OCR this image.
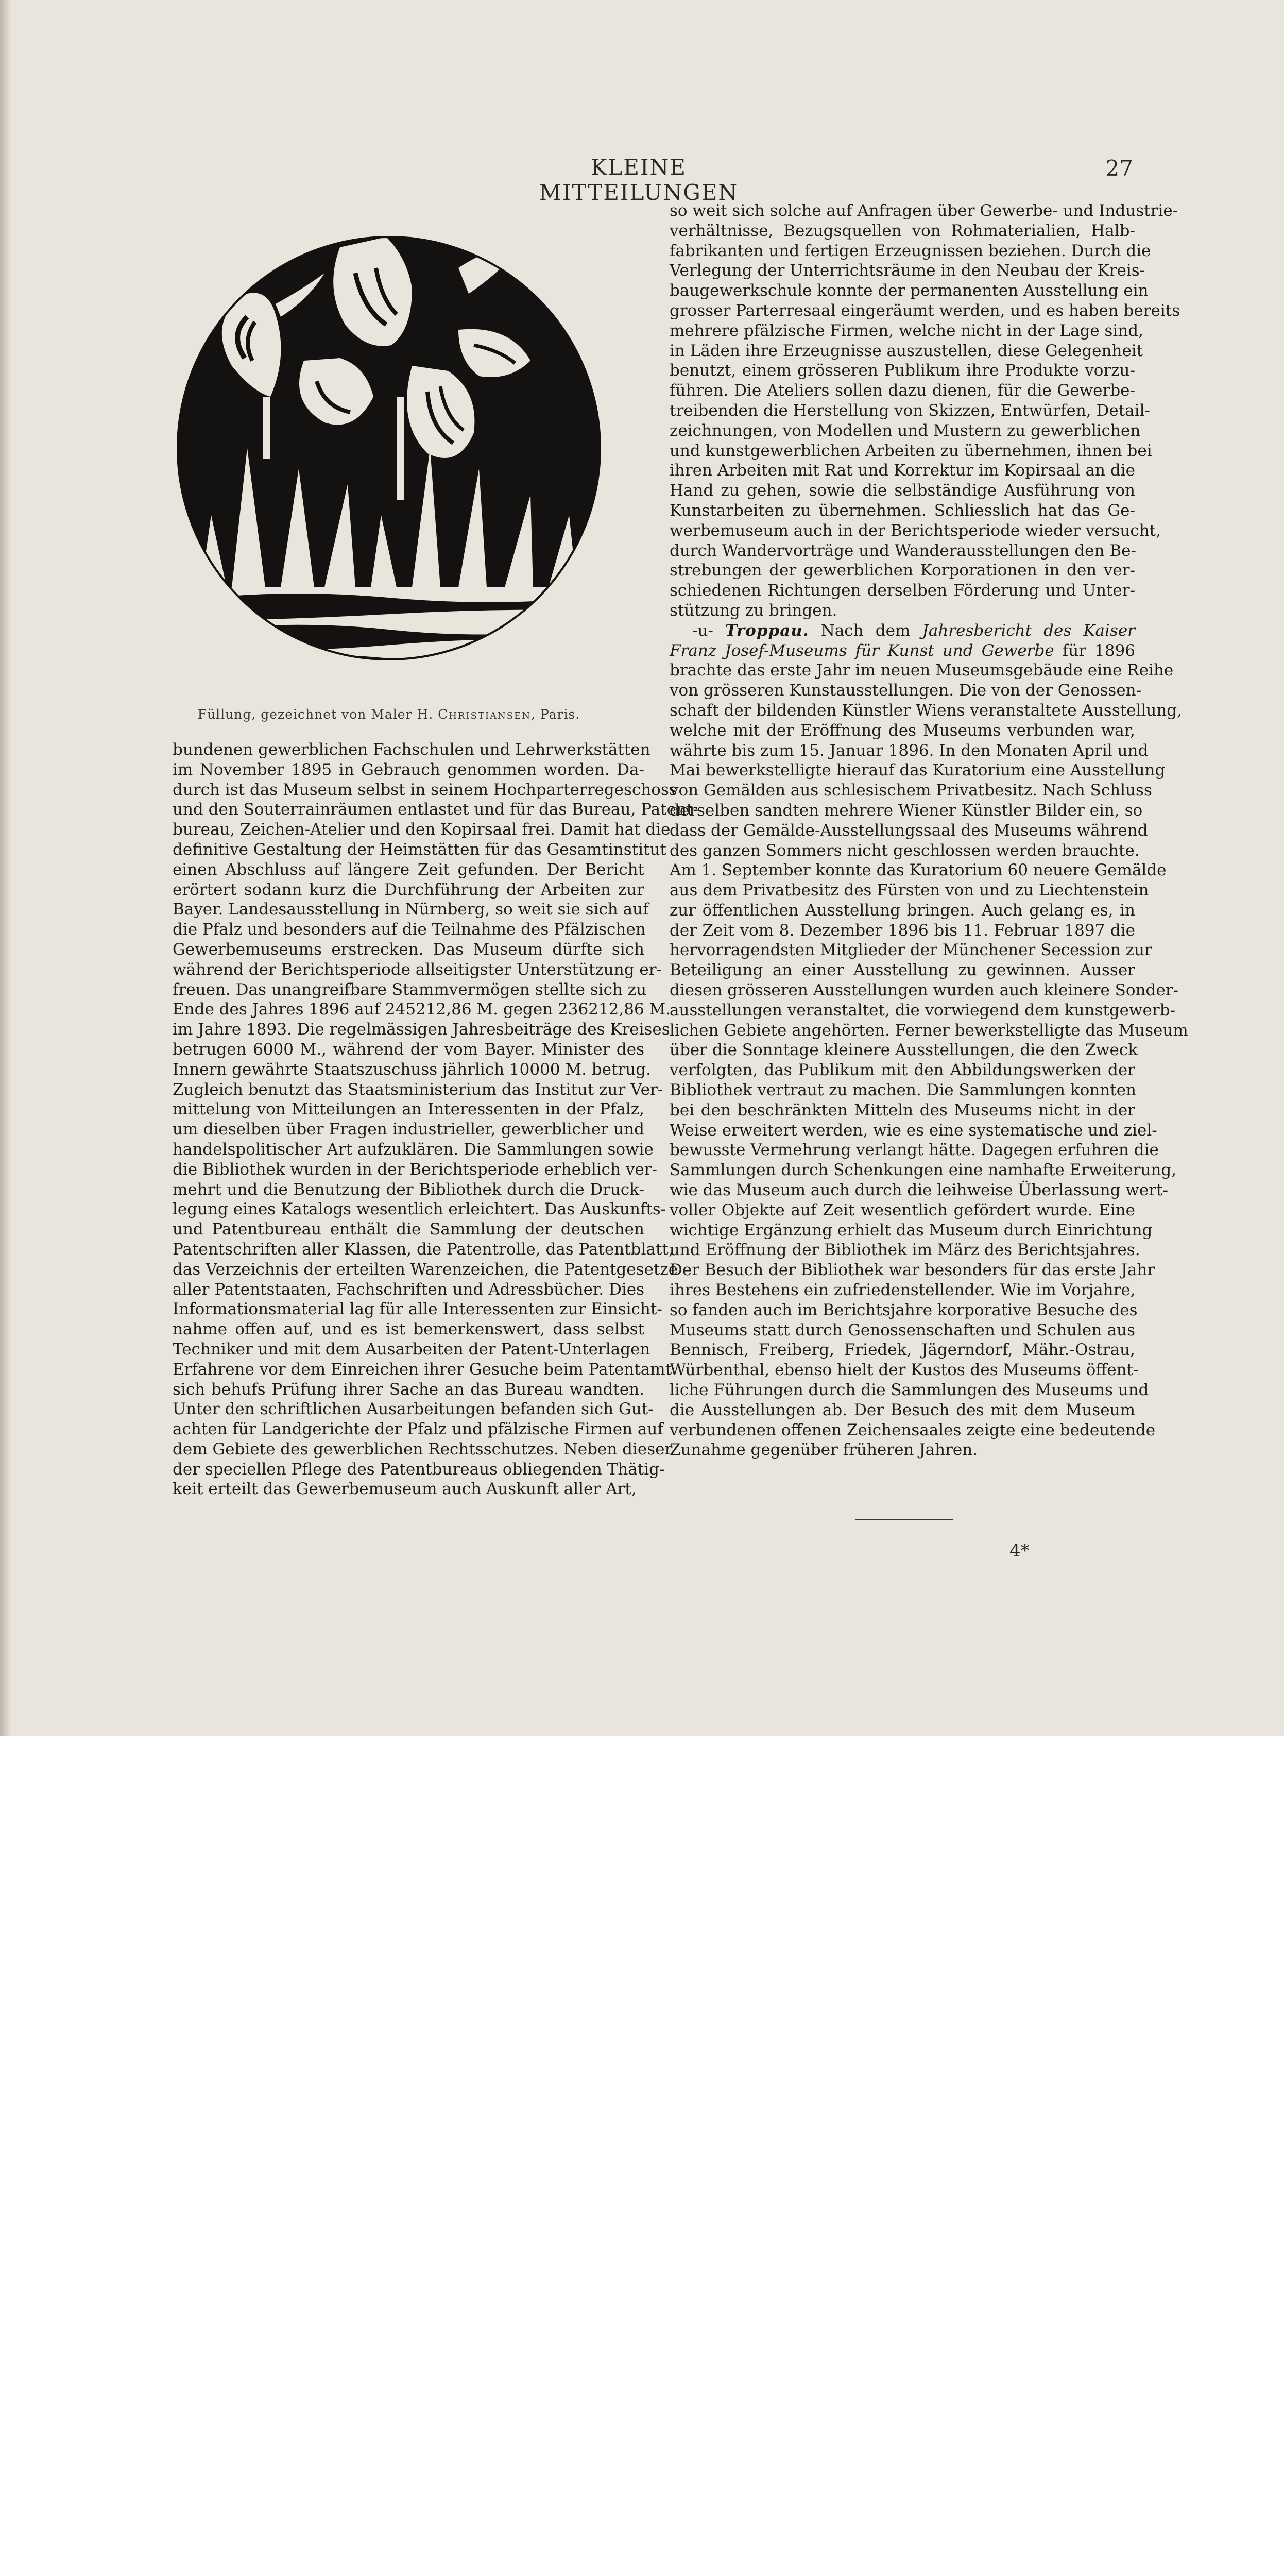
KLEINE MITTEILUNGEN
27
Füllung, gezeichnet von Maler H. Christiansen, Paris.
bundenen gewerblichen Fachschulen und Lehrwerkstätten
im November 1895 in Gebrauch genommen worden. Da-
durch ist das Museum selbst in seinem Hochparterregeschoss
und den Souterrainräumen entlastet und für das Bureau, Patent-
bureau, Zeichen-Atelier und den Kopirsaal frei. Damit hat die
definitive Gestaltung der Heimstätten für das Gesamtinstitut
einen Abschluss auf längere Zeit gefunden. Der Bericht
erörtert sodann kurz die Durchführung der Arbeiten zur
Bayer. Landesausstellung in Nürnberg, so weit sie sich auf
die Pfalz und besonders auf die Teilnahme des Pfälzischen
Gewerbemuseums erstrecken. Das Museum dürfte sich
während der Berichtsperiode allseitigster Unterstützung er-
freuen. Das unangreifbare Stammvermögen stellte sich zu
Ende des Jahres 1896 auf 245212,86 M. gegen 236212,86 M.
im Jahre 1893. Die regelmässigen Jahresbeiträge des Kreises
betrugen 6000 M., während der vom Bayer. Minister des
Innern gewährte Staatszuschuss jährlich 10000 M. betrug.
Zugleich benutzt das Staatsministerium das Institut zur Ver-
mittelung von Mitteilungen an Interessenten in der Pfalz,
um dieselben über Fragen industrieller, gewerblicher und
handelspolitischer Art aufzuklären. Die Sammlungen sowie
die Bibliothek wurden in der Berichtsperiode erheblich ver-
mehrt und die Benutzung der Bibliothek durch die Druck-
legung eines Katalogs wesentlich erleichtert. Das Auskunfts-
und Patentbureau enthält die Sammlung der deutschen
Patentschriften aller Klassen, die Patentrolle, das Patentblatt,
das Verzeichnis der erteilten Warenzeichen, die Patentgesetze
aller Patentstaaten, Fachschriften und Adressbücher. Dies
Informationsmaterial lag für alle Interessenten zur Einsicht-
nahme offen auf, und es ist bemerkenswert, dass selbst
Techniker und mit dem Ausarbeiten der Patent-Unterlagen
Erfahrene vor dem Einreichen ihrer Gesuche beim Patentamt
sich behufs Prüfung ihrer Sache an das Bureau wandten.
Unter den schriftlichen Ausarbeitungen befanden sich Gut-
achten für Landgerichte der Pfalz und pfälzische Firmen auf
dem Gebiete des gewerblichen Rechtsschutzes. Neben dieser
der speciellen Pflege des Patentbureaus obliegenden Thätig-
keit erteilt das Gewerbemuseum auch Auskunft aller Art,
so weit sich solche auf Anfragen über Gewerbe- und Industrie-
verhältnisse, Bezugsquellen von Rohmaterialien, Halb-
fabrikanten und fertigen Erzeugnissen beziehen. Durch die
Verlegung der Unterrichtsräume in den Neubau der Kreis-
baugewerkschule konnte der permanenten Ausstellung ein
grosser Parterresaal eingeräumt werden, und es haben bereits
mehrere pfälzische Firmen, welche nicht in der Lage sind,
in Läden ihre Erzeugnisse auszustellen, diese Gelegenheit
benutzt, einem grösseren Publikum ihre Produkte vorzu-
führen. Die Ateliers sollen dazu dienen, für die Gewerbe-
treibenden die Herstellung von Skizzen, Entwürfen, Detail-
zeichnungen, von Modellen und Mustern zu gewerblichen
und kunstgewerblichen Arbeiten zu übernehmen, ihnen bei
ihren Arbeiten mit Rat und Korrektur im Kopirsaal an die
Hand zu gehen, sowie die selbständige Ausführung von
Kunstarbeiten zu übernehmen. Schliesslich hat das Ge-
werbemuseum auch in der Berichtsperiode wieder versucht,
durch Wandervorträge und Wanderausstellungen den Be-
strebungen der gewerblichen Korporationen in den ver-
schiedenen Richtungen derselben Förderung und Unter-
stützung zu bringen.
-u- Troppau. Nach dem Jahresbericht des Kaiser
Franz Josef-Museums für Kunst und Gewerbe für 1896
brachte das erste Jahr im neuen Museumsgebäude eine Reihe
von grösseren Kunstausstellungen. Die von der Genossen-
schaft der bildenden Künstler Wiens veranstaltete Ausstellung,
welche mit der Eröffnung des Museums verbunden war,
währte bis zum 15. Januar 1896. In den Monaten April und
Mai bewerkstelligte hierauf das Kuratorium eine Ausstellung
von Gemälden aus schlesischem Privatbesitz. Nach Schluss
derselben sandten mehrere Wiener Künstler Bilder ein, so
dass der Gemälde-Ausstellungssaal des Museums während
des ganzen Sommers nicht geschlossen werden brauchte.
Am 1. September konnte das Kuratorium 60 neuere Gemälde
aus dem Privatbesitz des Fürsten von und zu Liechtenstein
zur öffentlichen Ausstellung bringen. Auch gelang es, in
der Zeit vom 8. Dezember 1896 bis 11. Februar 1897 die
hervorragendsten Mitglieder der Münchener Secession zur
Beteiligung an einer Ausstellung zu gewinnen. Ausser
diesen grösseren Ausstellungen wurden auch kleinere Sonder-
ausstellungen veranstaltet, die vorwiegend dem kunstgewerb-
lichen Gebiete angehörten. Ferner bewerkstelligte das Museum
über die Sonntage kleinere Ausstellungen, die den Zweck
verfolgten, das Publikum mit den Abbildungswerken der
Bibliothek vertraut zu machen. Die Sammlungen konnten
bei den beschränkten Mitteln des Museums nicht in der
Weise erweitert werden, wie es eine systematische und ziel-
bewusste Vermehrung verlangt hätte. Dagegen erfuhren die
Sammlungen durch Schenkungen eine namhafte Erweiterung,
wie das Museum auch durch die leihweise Überlassung wert-
voller Objekte auf Zeit wesentlich gefördert wurde. Eine
wichtige Ergänzung erhielt das Museum durch Einrichtung
und Eröffnung der Bibliothek im März des Berichtsjahres.
Der Besuch der Bibliothek war besonders für das erste Jahr
ihres Bestehens ein zufriedenstellender. Wie im Vorjahre,
so fanden auch im Berichtsjahre korporative Besuche des
Museums statt durch Genossenschaften und Schulen aus
Bennisch, Freiberg, Friedek, Jägerndorf, Mähr.-Ostrau,
Würbenthal, ebenso hielt der Kustos des Museums öffent-
liche Führungen durch die Sammlungen des Museums und
die Ausstellungen ab. Der Besuch des mit dem Museum
verbundenen offenen Zeichensaales zeigte eine bedeutende
Zunahme gegenüber früheren Jahren.
4*
